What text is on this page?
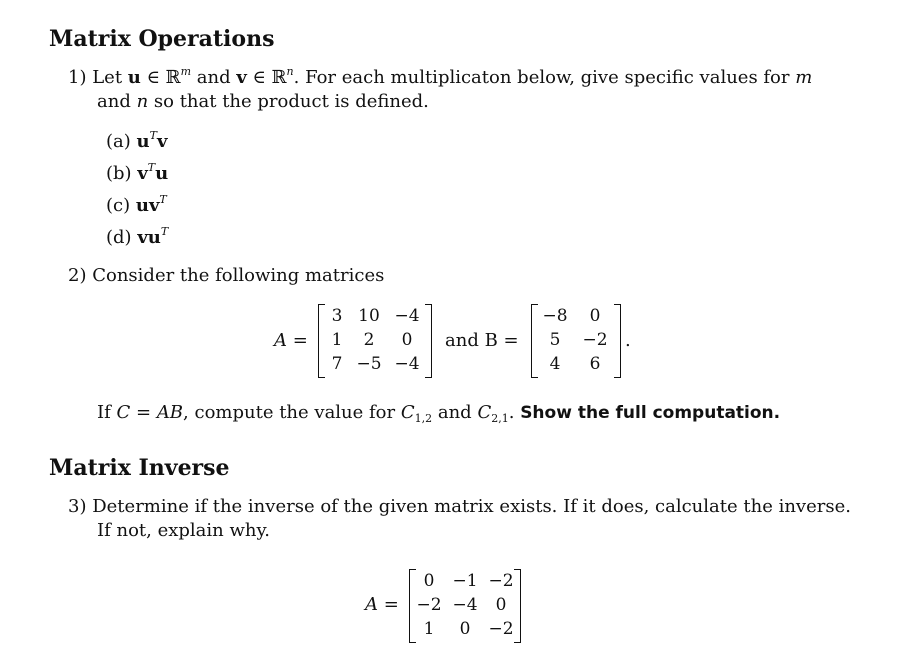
Matrix Operations
1) Let u ∈ ℝ$^m$ and v ∈ ℝ$^n$. For each multiplicaton below, give specific values for m
and n so that the product is defined.
(a) $u^Tv$
(b) $v^Tu$
(c) $uv^T$
(d) $vu^T$
2) Consider the following matrices
A =
3 10 −4
1	2	0
7 −5 −4
and B =
−8	0
5	−2
4	6
.
If C = AB, compute the value for $C_{1,2}$ and $C_{2,1}$. Show the full computation.
Matrix Inverse
3) Determine if the inverse of the given matrix exists. If it does, calculate the inverse.
If not, explain why.
A =
0	−1 −2
−2 −4	0
1	0	−2
